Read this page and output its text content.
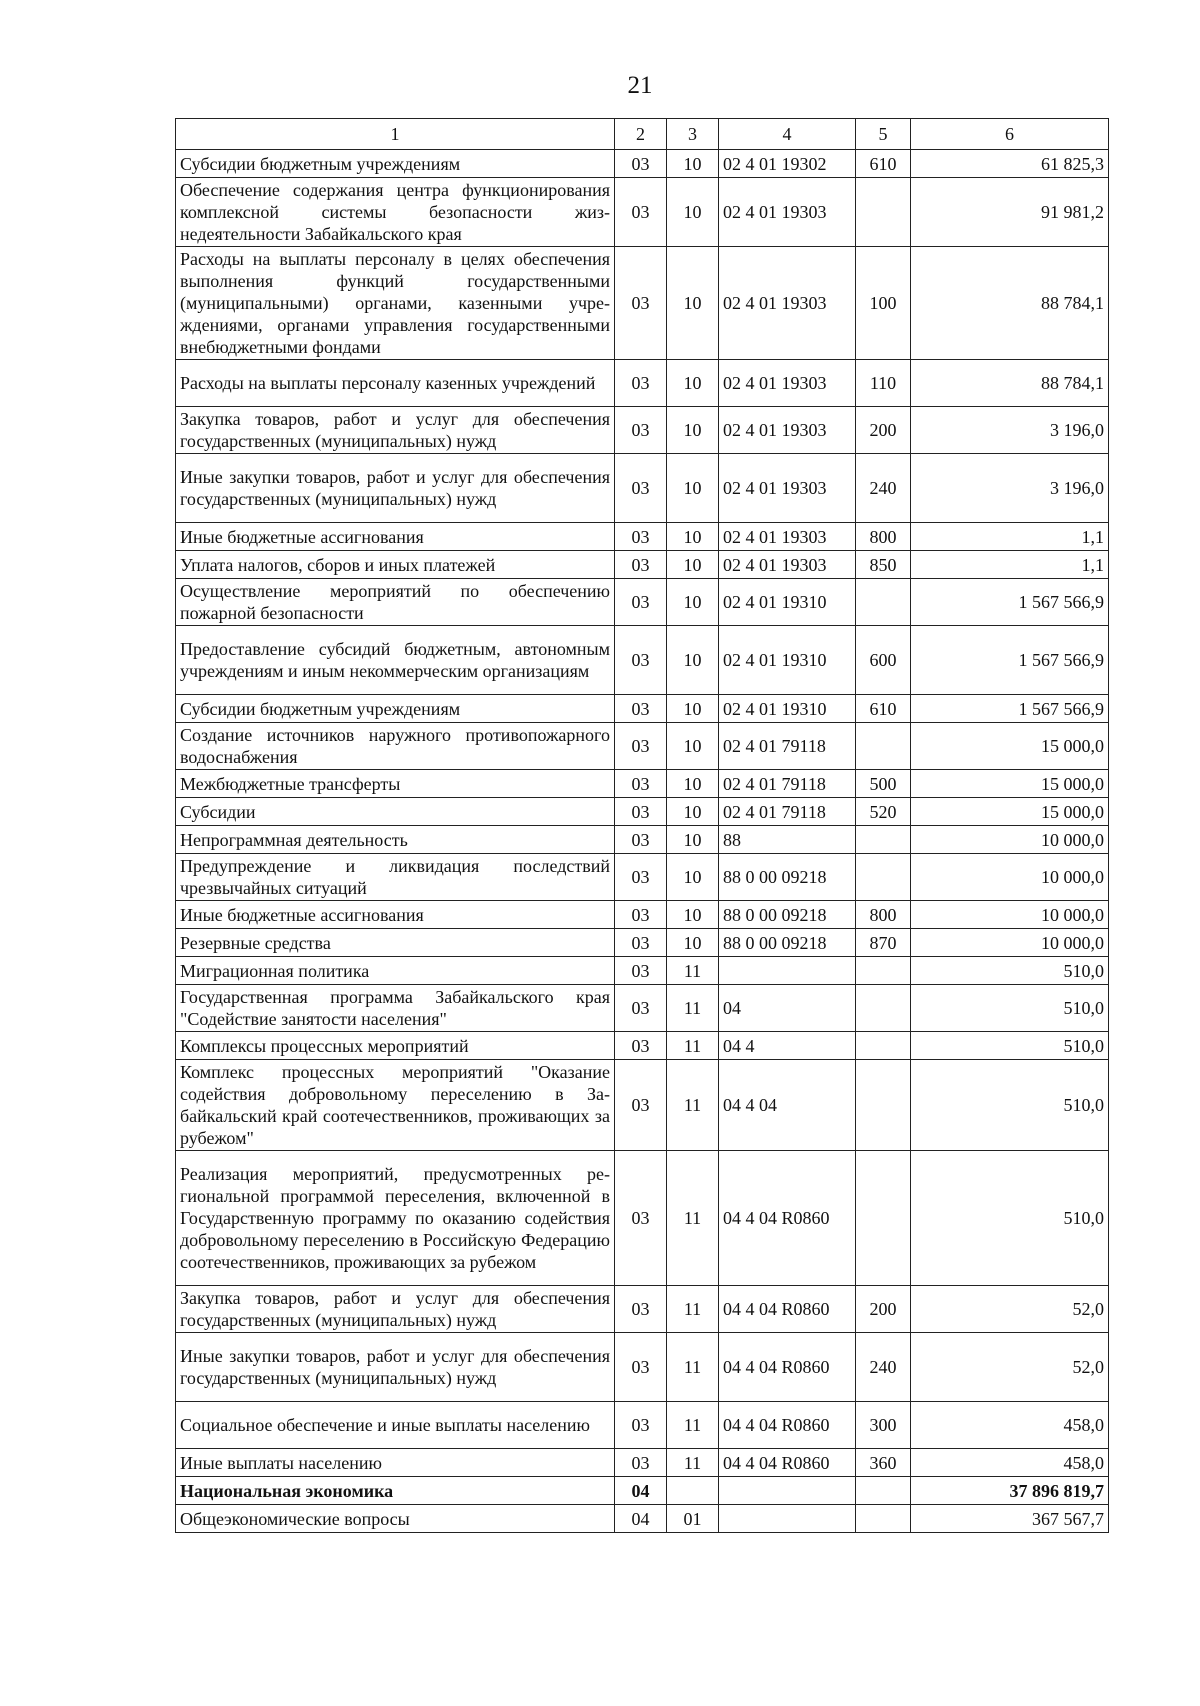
21
1	2	3	4	5	6
Субсидии бюджетным учреждениям	03	10	02 4 01 19302	610	61 825,3
Обеспечение содержания центра функционирования комплексной системы безопасности жизнедеятельности Забайкальского края	03	10	02 4 01 19303		91 981,2
Расходы на выплаты персоналу в целях обеспечения выполнения функций государственными (муниципальными) органами, казенными учреждениями, органами управления государственными внебюджетными фондами	03	10	02 4 01 19303	100	88 784,1
Расходы на выплаты персоналу казенных учреждений	03	10	02 4 01 19303	110	88 784,1
Закупка товаров, работ и услуг для обеспечения государственных (муниципальных) нужд	03	10	02 4 01 19303	200	3 196,0
Иные закупки товаров, работ и услуг для обеспечения государственных (муниципальных) нужд	03	10	02 4 01 19303	240	3 196,0
Иные бюджетные ассигнования	03	10	02 4 01 19303	800	1,1
Уплата налогов, сборов и иных платежей	03	10	02 4 01 19303	850	1,1
Осуществление мероприятий по обеспечению пожарной безопасности	03	10	02 4 01 19310		1 567 566,9
Предоставление субсидий бюджетным, автономным учреждениям и иным некоммерческим организациям	03	10	02 4 01 19310	600	1 567 566,9
Субсидии бюджетным учреждениям	03	10	02 4 01 19310	610	1 567 566,9
Создание источников наружного противопожарного водоснабжения	03	10	02 4 01 79118		15 000,0
Межбюджетные трансферты	03	10	02 4 01 79118	500	15 000,0
Субсидии	03	10	02 4 01 79118	520	15 000,0
Непрограммная деятельность	03	10	88		10 000,0
Предупреждение и ликвидация последствий чрезвычайных ситуаций	03	10	88 0 00 09218		10 000,0
Иные бюджетные ассигнования	03	10	88 0 00 09218	800	10 000,0
Резервные средства	03	10	88 0 00 09218	870	10 000,0
Миграционная политика	03	11			510,0
Государственная программа Забайкальского края "Содействие занятости населения"	03	11	04		510,0
Комплексы процессных мероприятий	03	11	04 4		510,0
Комплекс процессных мероприятий "Оказание содействия добровольному переселению в Забайкальский край соотечественников, проживающих за рубежом"	03	11	04 4 04		510,0
Реализация мероприятий, предусмотренных региональной программой переселения, включенной в Государственную программу по оказанию содействия добровольному переселению в Российскую Федерацию соотечественников, проживающих за рубежом	03	11	04 4 04 R0860		510,0
Закупка товаров, работ и услуг для обеспечения государственных (муниципальных) нужд	03	11	04 4 04 R0860	200	52,0
Иные закупки товаров, работ и услуг для обеспечения государственных (муниципальных) нужд	03	11	04 4 04 R0860	240	52,0
Социальное обеспечение и иные выплаты населению	03	11	04 4 04 R0860	300	458,0
Иные выплаты населению	03	11	04 4 04 R0860	360	458,0
Национальная экономика	04				37 896 819,7
Общеэкономические вопросы	04	01			367 567,7
